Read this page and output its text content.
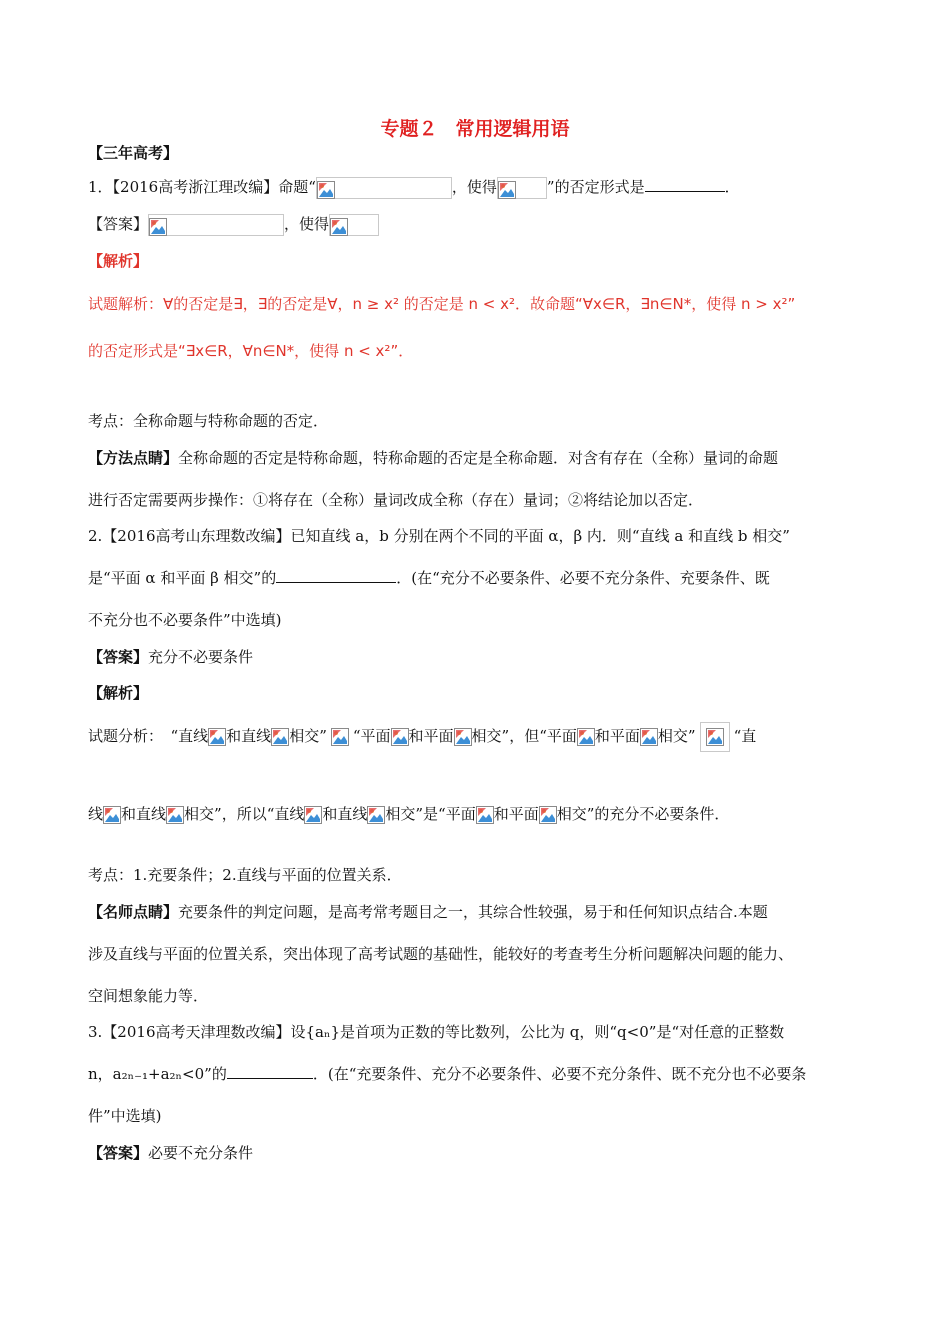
专题２ 常用逻辑用语
【三年高考】
1．【2016高考浙江理改编】命题“	，使得	”的否定形式是	．
【答案】	，使得
【解析】
试题解析：∀的否定是∃，∃的否定是∀，n ≥ x² 的否定是 n < x²．故命题“∀x∈R，∃n∈N*，使得 n > x²”
的否定形式是“∃x∈R，∀n∈N*，使得 n < x²”．
考点：全称命题与特称命题的否定．
【方法点睛】全称命题的否定是特称命题，特称命题的否定是全称命题．对含有存在（全称）量词的命题
进行否定需要两步操作：①将存在（全称）量词改成全称（存在）量词；②将结论加以否定．
2.【2016高考山东理数改编】已知直线 a，b 分别在两个不同的平面 α，β 内．则“直线 a 和直线 b 相交”
是“平面 α 和平面 β 相交”的	．(在“充分不必要条件、必要不充分条件、充要条件、既
不充分也不必要条件”中选填)
【答案】充分不必要条件
【解析】
试题分析：　“直线 和直线 相交” “平面 和平面 相交”，但“平面 和平面 相交”	“直
线 和直线 相交”，所以“直线 和直线 相交”是“平面 和平面 相交”的充分不必要条件．
考点：1.充要条件；2.直线与平面的位置关系．
【名师点睛】充要条件的判定问题，是高考常考题目之一，其综合性较强，易于和任何知识点结合.本题
涉及直线与平面的位置关系，突出体现了高考试题的基础性，能较好的考查考生分析问题解决问题的能力、
空间想象能力等．
3.【2016高考天津理数改编】设{aₙ}是首项为正数的等比数列，公比为 q，则“q<0”是“对任意的正整数
n，a₂ₙ₋₁+a₂ₙ<0”的	．(在“充要条件、充分不必要条件、必要不充分条件、既不充分也不必要条
件”中选填)
【答案】必要不充分条件
